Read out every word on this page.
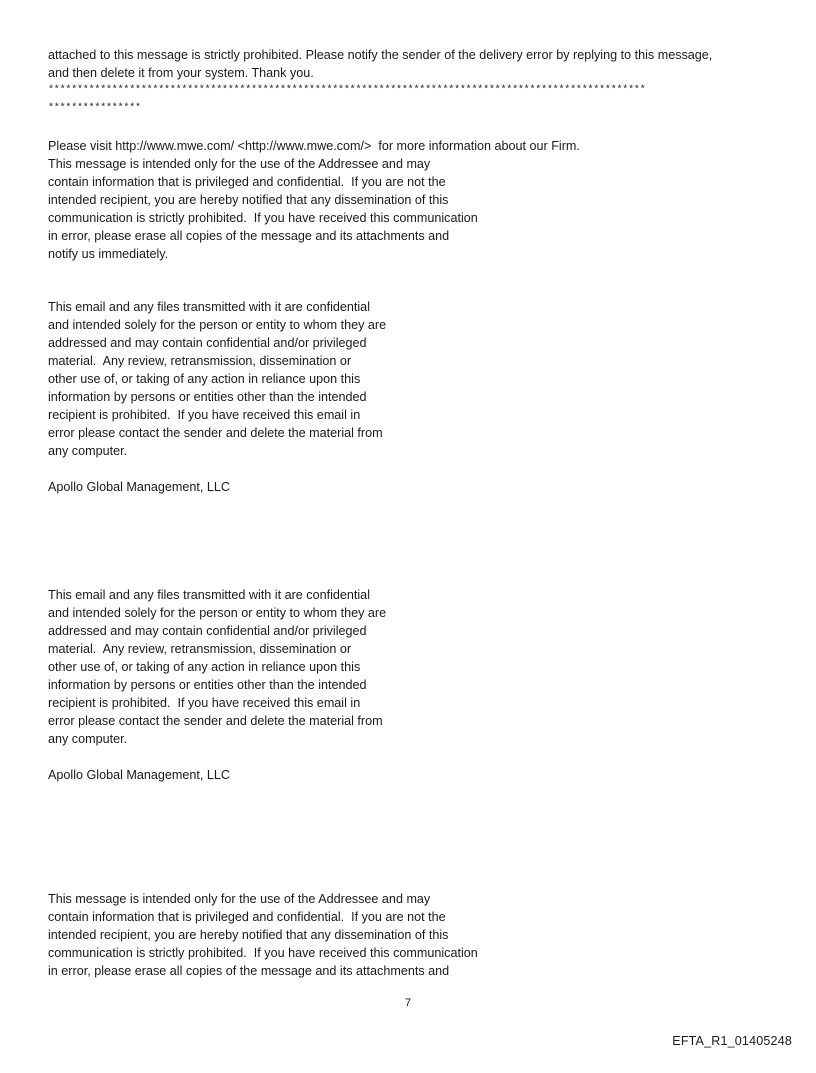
attached to this message is strictly prohibited. Please notify the sender of the delivery error by replying to this message,
and then delete it from your system. Thank you.

*******************************************************************************************************

****************

Please visit http://www.mwe.com/ <http://www.mwe.com/>  for more information about our Firm.
This message is intended only for the use of the Addressee and may
contain information that is privileged and confidential.  If you are not the
intended recipient, you are hereby notified that any dissemination of this
communication is strictly prohibited.  If you have received this communication
in error, please erase all copies of the message and its attachments and
notify us immediately.

This email and any files transmitted with it are confidential
and intended solely for the person or entity to whom they are
addressed and may contain confidential and/or privileged
material.  Any review, retransmission, dissemination or
other use of, or taking of any action in reliance upon this
information by persons or entities other than the intended
recipient is prohibited.  If you have received this email in
error please contact the sender and delete the material from
any computer.

Apollo Global Management, LLC

This email and any files transmitted with it are confidential
and intended solely for the person or entity to whom they are
addressed and may contain confidential and/or privileged
material.  Any review, retransmission, dissemination or
other use of, or taking of any action in reliance upon this
information by persons or entities other than the intended
recipient is prohibited.  If you have received this email in
error please contact the sender and delete the material from
any computer.

Apollo Global Management, LLC

This message is intended only for the use of the Addressee and may
contain information that is privileged and confidential.  If you are not the
intended recipient, you are hereby notified that any dissemination of this
communication is strictly prohibited.  If you have received this communication
in error, please erase all copies of the message and its attachments and

7
EFTA_R1_01405248
